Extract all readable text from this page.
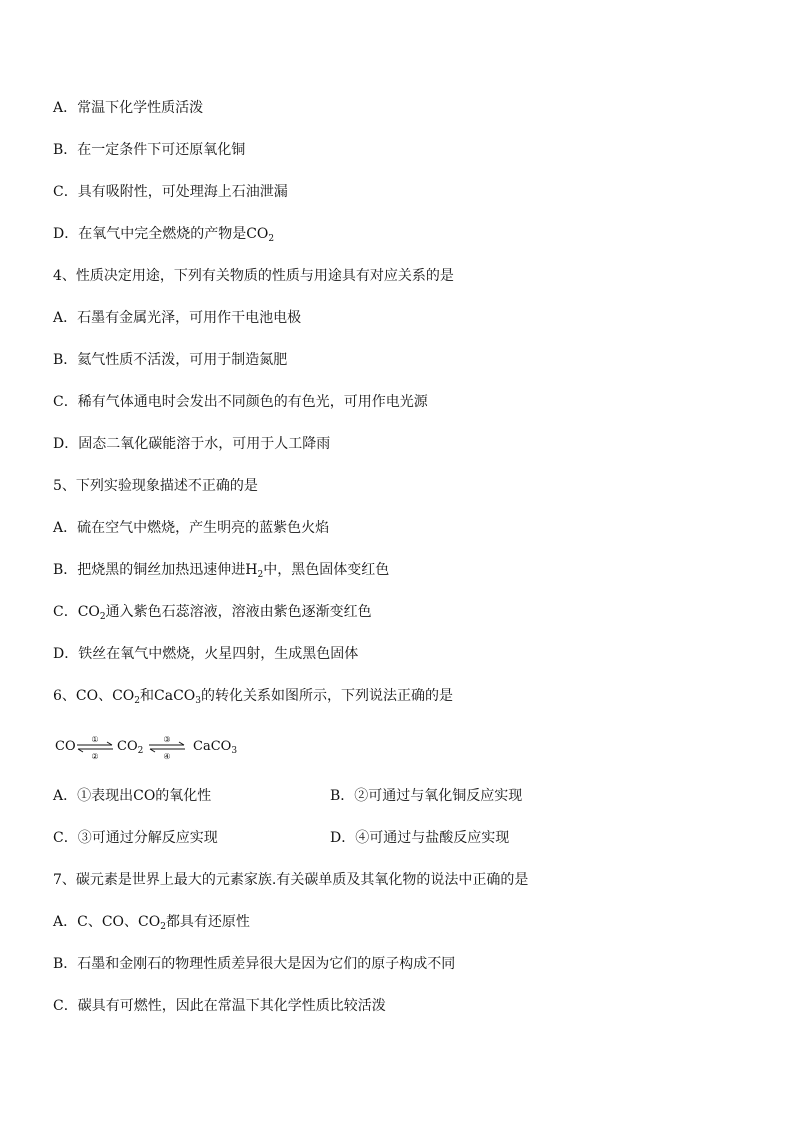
A．常温下化学性质活泼
B．在一定条件下可还原氧化铜
C．具有吸附性，可处理海上石油泄漏
D．在氧气中完全燃烧的产物是$CO_2$
4、性质决定用途，下列有关物质的性质与用途具有对应关系的是
A．石墨有金属光泽，可用作干电池电极
B．氦气性质不活泼，可用于制造氮肥
C．稀有气体通电时会发出不同颜色的有色光，可用作电光源
D．固态二氧化碳能溶于水，可用于人工降雨
5、下列实验现象描述不正确的是
A．硫在空气中燃烧，产生明亮的蓝紫色火焰
B．把烧黑的铜丝加热迅速伸进$H_2$中，黑色固体变红色
C．$CO_2$通入紫色石蕊溶液，溶液由紫色逐渐变红色
D．铁丝在氧气中燃烧，火星四射，生成黑色固体
6、CO、$CO_2$和CaCO$_3$的转化关系如图所示，下列说法正确的是
CO ①
②
$CO_2$
③
④
CaCO$_3$
A．①表现出CO的氧化性	B．②可通过与氧化铜反应实现
C．③可通过分解反应实现	D．④可通过与盐酸反应实现
7、碳元素是世界上最大的元素家族.有关碳单质及其氧化物的说法中正确的是
A．C、CO、$CO_2$都具有还原性
B．石墨和金刚石的物理性质差异很大是因为它们的原子构成不同
C．碳具有可燃性，因此在常温下其化学性质比较活泼
